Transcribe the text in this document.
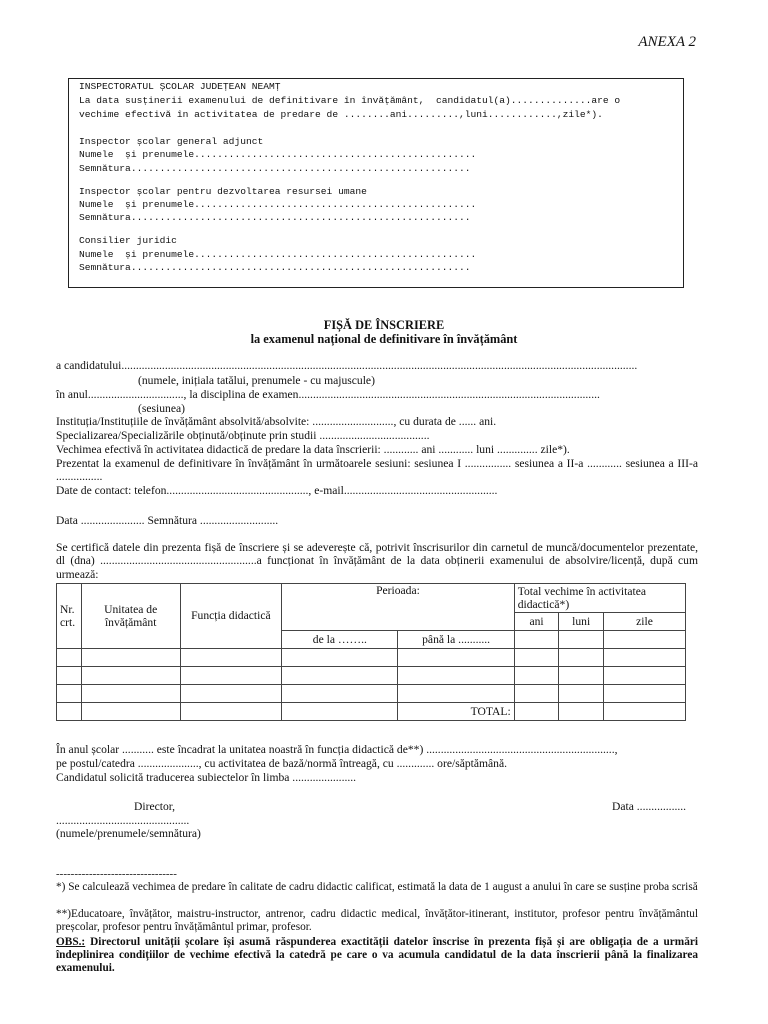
ANEXA 2
INSPECTORATUL ȘCOLAR JUDEȚEAN NEAMȚ
La data susținerii examenului de definitivare în învățământ,  candidatul(a)..............are o
vechime efectivă în activitatea de predare de ........ani.........,luni............,zile*).
Inspector școlar general adjunct
Numele  și prenumele.................................................
Semnătura...........................................................
Inspector școlar pentru dezvoltarea resursei umane
Numele  și prenumele.................................................
Semnătura...........................................................
Consilier juridic
Numele  și prenumele.................................................
Semnătura...........................................................
FIȘĂ DE ÎNSCRIERE
la examenul național de definitivare în învățământ
a candidatului..................................................................................................................................................................................
(numele, inițiala tatălui, prenumele - cu majuscule)
în anul................................., la disciplina de examen........................................................................................................
(sesiunea)
Instituția/Instituțiile de învățământ absolvită/absolvite: ............................, cu durata de ...... ani.
Specializarea/Specializările obținută/obținute prin studii ......................................
Vechimea efectivă în activitatea didactică de predare la data înscrierii: ............ ani ............ luni .............. zile*).
Prezentat la examenul de definitivare în învățământ în următoarele sesiuni: sesiunea I ................ sesiunea a II-a ............ sesiunea a III-a ................
Date de contact: telefon................................................., e-mail.....................................................
Data ...................... Semnătura ...........................
Se certifică datele din prezenta fișă de înscriere și se adeverește că, potrivit înscrisurilor din carnetul de muncă/documentelor prezentate, dl (dna) ......................................................a funcționat în învățământ de la data obținerii examenului de absolvire/licență, după cum urmează:
Nr. crt.	Unitatea de învățământ	Funcția didactică	Perioada:		Total vechime în activitatea didactică*)		
					ani	luni	zile
			de la ……..	până la ...........			

				TOTAL:			
În anul școlar ........... este încadrat la unitatea noastră în funcția didactică de**) .................................................................,
pe postul/catedra ....................., cu activitatea de bază/normă întreagă, cu ............. ore/săptămână.
Candidatul solicită traducerea subiectelor în limba ......................
Director,	Data .................
..............................................
(numele/prenumele/semnătura)
---------------------------------
*) Se calculează vechimea de predare în calitate de cadru didactic calificat, estimată la data de 1 august a anului în care se susține proba scrisă
**)Educatoare, învățător, maistru-instructor, antrenor, cadru didactic medical, învățător-itinerant, institutor, profesor pentru învățământul preșcolar, profesor pentru învățământul primar, profesor.
OBS.: Directorul unității școlare își asumă răspunderea exactității datelor înscrise în prezenta fișă și are obligația de a urmări îndeplinirea condițiilor de vechime efectivă la catedră pe care o va acumula candidatul de la data înscrierii până la finalizarea examenului.
